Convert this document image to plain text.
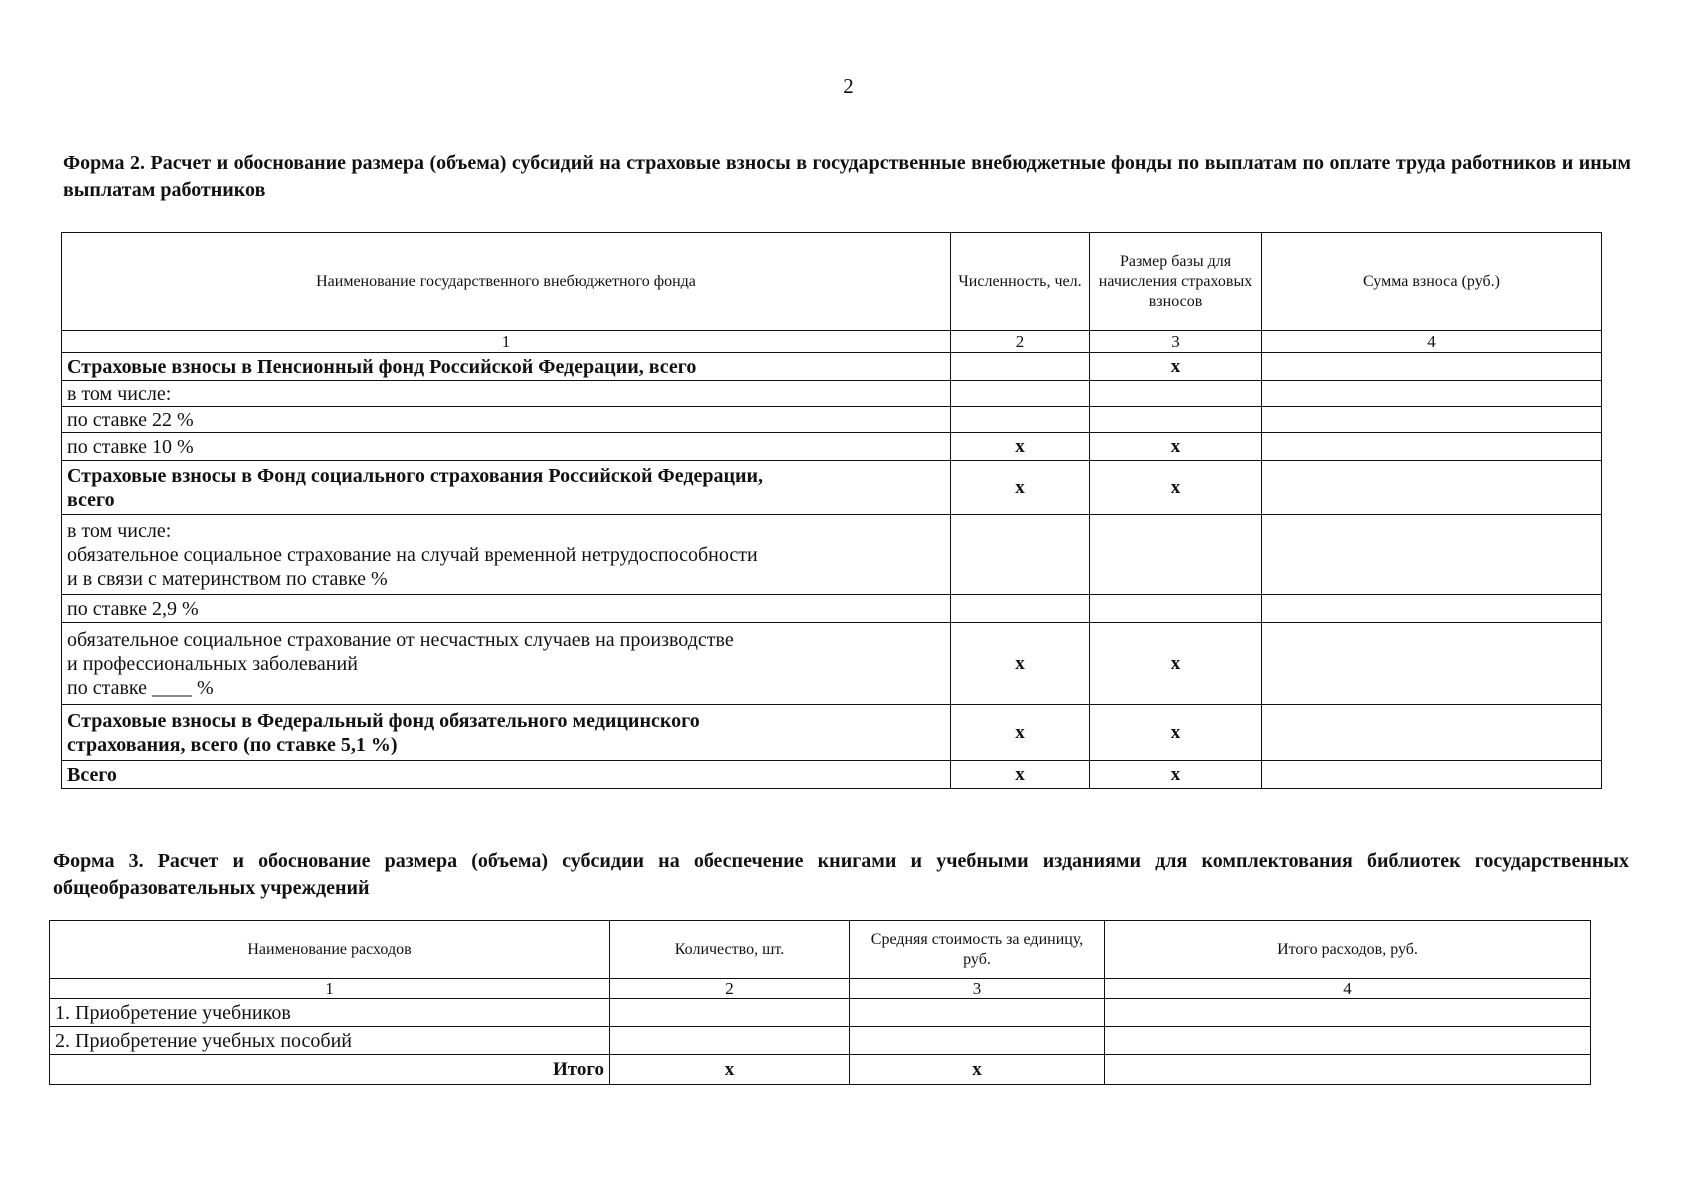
2
Форма 2. Расчет и обоснование размера (объема) субсидий на страховые взносы в государственные внебюджетные фонды по выплатам по оплате труда работников и иным выплатам работников
Наименование государственного внебюджетного фонда	Численность, чел.	Размер базы для начисления страховых взносов	Сумма взноса (руб.)
1	2	3	4

Страховые взносы в Пенсионный фонд Российской Федерации, всего		x	

в том числе:			

по ставке 22 %			

по ставке 10 %	x	x	

Страховые взносы в Фонд социального страхования Российской Федерации,
всего	x	x	

в том числе:
обязательное социальное страхование на случай временной нетрудоспособности
и в связи с материнством по ставке %			

по ставке 2,9 %			

обязательное социальное страхование от несчастных случаев на производстве
и профессиональных заболеваний
по ставке ____ %	x	x	

Страховые взносы в Федеральный фонд обязательного медицинского
страхования, всего (по ставке 5,1 %)	x	x	

Всего	x	x	
Форма 3. Расчет и обоснование размера (объема) субсидии на обеспечение книгами и учебными изданиями для комплектования библиотек государственных общеобразовательных учреждений
Наименование расходов	Количество, шт.	Средняя стоимость за единицу, руб.	Итого расходов, руб.
1	2	3	4
1. Приобретение учебников			
2. Приобретение учебных пособий			
Итого	x	x	
